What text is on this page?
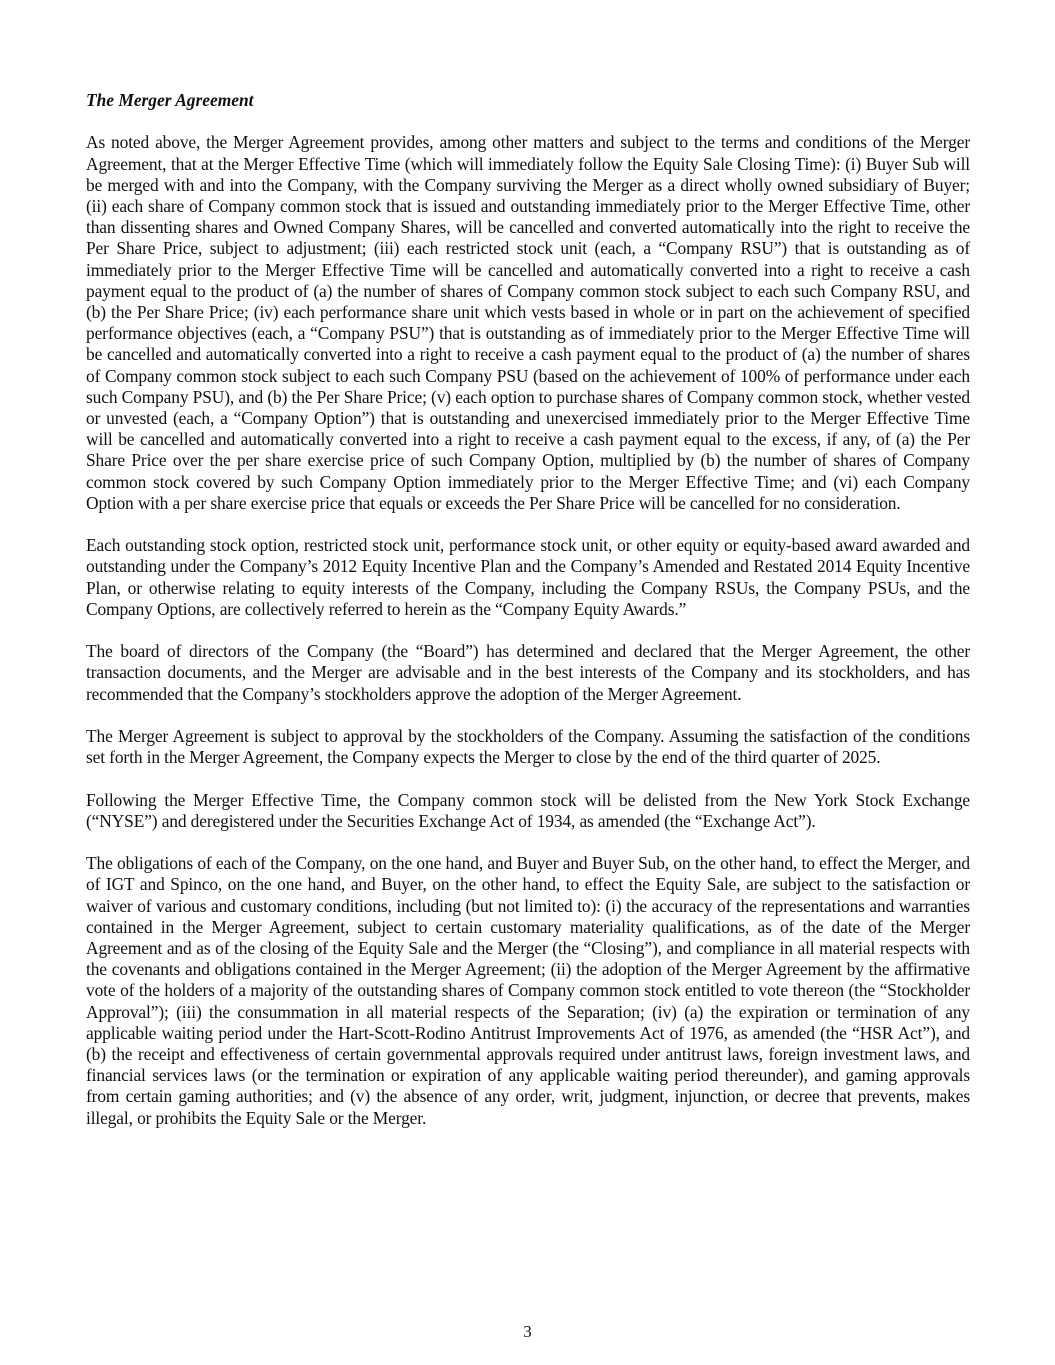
The Merger Agreement

As noted above, the Merger Agreement provides, among other matters and subject to the terms and conditions of the Merger Agreement, that at the Merger Effective Time (which will immediately follow the Equity Sale Closing Time): (i) Buyer Sub will be merged with and into the Company, with the Company surviving the Merger as a direct wholly owned subsidiary of Buyer; (ii) each share of Company common stock that is issued and outstanding immediately prior to the Merger Effective Time, other than dissenting shares and Owned Company Shares, will be cancelled and converted automatically into the right to receive the Per Share Price, subject to adjustment; (iii) each restricted stock unit (each, a “Company RSU”) that is outstanding as of immediately prior to the Merger Effective Time will be cancelled and automatically converted into a right to receive a cash payment equal to the product of (a) the number of shares of Company common stock subject to each such Company RSU, and (b) the Per Share Price; (iv) each performance share unit which vests based in whole or in part on the achievement of specified performance objectives (each, a “Company PSU”) that is outstanding as of immediately prior to the Merger Effective Time will be cancelled and automatically converted into a right to receive a cash payment equal to the product of (a) the number of shares of Company common stock subject to each such Company PSU (based on the achievement of 100% of performance under each such Company PSU), and (b) the Per Share Price; (v) each option to purchase shares of Company common stock, whether vested or unvested (each, a “Company Option”) that is outstanding and unexercised immediately prior to the Merger Effective Time will be cancelled and automatically converted into a right to receive a cash payment equal to the excess, if any, of (a) the Per Share Price over the per share exercise price of such Company Option, multiplied by (b) the number of shares of Company common stock covered by such Company Option immediately prior to the Merger Effective Time; and (vi) each Company Option with a per share exercise price that equals or exceeds the Per Share Price will be cancelled for no consideration.

Each outstanding stock option, restricted stock unit, performance stock unit, or other equity or equity-based award awarded and outstanding under the Company’s 2012 Equity Incentive Plan and the Company’s Amended and Restated 2014 Equity Incentive Plan, or otherwise relating to equity interests of the Company, including the Company RSUs, the Company PSUs, and the Company Options, are collectively referred to herein as the “Company Equity Awards.”

The board of directors of the Company (the “Board”) has determined and declared that the Merger Agreement, the other transaction documents, and the Merger are advisable and in the best interests of the Company and its stockholders, and has recommended that the Company’s stockholders approve the adoption of the Merger Agreement.

The Merger Agreement is subject to approval by the stockholders of the Company. Assuming the satisfaction of the conditions set forth in the Merger Agreement, the Company expects the Merger to close by the end of the third quarter of 2025.

Following the Merger Effective Time, the Company common stock will be delisted from the New York Stock Exchange (“NYSE”) and deregistered under the Securities Exchange Act of 1934, as amended (the “Exchange Act”).

The obligations of each of the Company, on the one hand, and Buyer and Buyer Sub, on the other hand, to effect the Merger, and of IGT and Spinco, on the one hand, and Buyer, on the other hand, to effect the Equity Sale, are subject to the satisfaction or waiver of various and customary conditions, including (but not limited to): (i) the accuracy of the representations and warranties contained in the Merger Agreement, subject to certain customary materiality qualifications, as of the date of the Merger Agreement and as of the closing of the Equity Sale and the Merger (the “Closing”), and compliance in all material respects with the covenants and obligations contained in the Merger Agreement; (ii) the adoption of the Merger Agreement by the affirmative vote of the holders of a majority of the outstanding shares of Company common stock entitled to vote thereon (the “Stockholder Approval”); (iii) the consummation in all material respects of the Separation; (iv) (a) the expiration or termination of any applicable waiting period under the Hart-Scott-Rodino Antitrust Improvements Act of 1976, as amended (the “HSR Act”), and (b) the receipt and effectiveness of certain governmental approvals required under antitrust laws, foreign investment laws, and financial services laws (or the termination or expiration of any applicable waiting period thereunder), and gaming approvals from certain gaming authorities; and (v) the absence of any order, writ, judgment, injunction, or decree that prevents, makes illegal, or prohibits the Equity Sale or the Merger.

3
